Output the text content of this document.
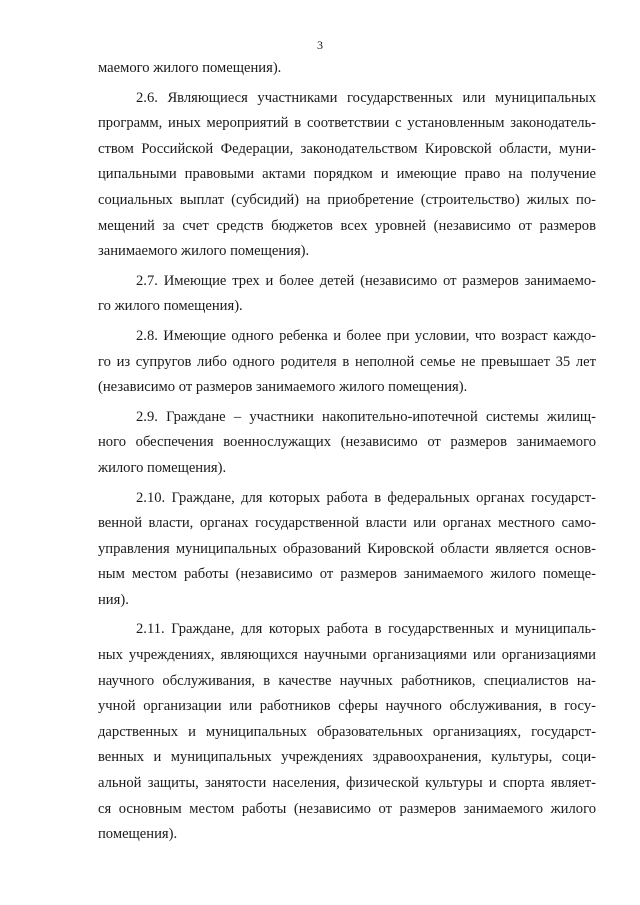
3
маемого жилого помещения).
2.6. Являющиеся участниками государственных или муниципальных
программ, иных мероприятий в соответствии с установленным законодатель-
ством Российской Федерации, законодательством Кировской области, муни-
ципальными правовыми актами порядком и имеющие право на получение
социальных выплат (субсидий) на приобретение (строительство) жилых по-
мещений за счет средств бюджетов всех уровней (независимо от размеров
занимаемого жилого помещения).
2.7. Имеющие трех и более детей (независимо от размеров занимаемо-
го жилого помещения).
2.8. Имеющие одного ребенка и более при условии, что возраст каждо-
го из супругов либо одного родителя в неполной семье не превышает 35 лет
(независимо от размеров занимаемого жилого помещения).
2.9. Граждане – участники накопительно-ипотечной системы жилищ-
ного обеспечения военнослужащих (независимо от размеров занимаемого
жилого помещения).
2.10. Граждане, для которых работа в федеральных органах государст-
венной власти, органах государственной власти или органах местного само-
управления муниципальных образований Кировской области является основ-
ным местом работы (независимо от размеров занимаемого жилого помеще-
ния).
2.11. Граждане, для которых работа в государственных и муниципаль-
ных учреждениях, являющихся научными организациями или организациями
научного обслуживания, в качестве научных работников, специалистов на-
учной организации или работников сферы научного обслуживания, в госу-
дарственных и муниципальных образовательных организациях, государст-
венных и муниципальных учреждениях здравоохранения, культуры, соци-
альной защиты, занятости населения, физической культуры и спорта являет-
ся основным местом работы (независимо от размеров занимаемого жилого
помещения).
